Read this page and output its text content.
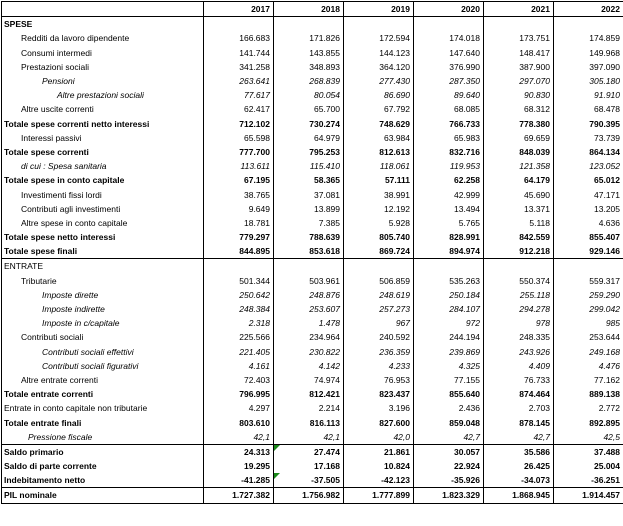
	2017	2018	2019	2020	2021	2022
SPESE						
Redditi da lavoro dipendente	166.683	171.826	172.594	174.018	173.751	174.859
Consumi intermedi	141.744	143.855	144.123	147.640	148.417	149.968
Prestazioni sociali	341.258	348.893	364.120	376.990	387.900	397.090
Pensioni	263.641	268.839	277.430	287.350	297.070	305.180
Altre prestazioni sociali	77.617	80.054	86.690	89.640	90.830	91.910
Altre uscite correnti	62.417	65.700	67.792	68.085	68.312	68.478
Totale spese correnti netto interessi	712.102	730.274	748.629	766.733	778.380	790.395
Interessi passivi	65.598	64.979	63.984	65.983	69.659	73.739
Totale spese correnti	777.700	795.253	812.613	832.716	848.039	864.134
di cui : Spesa sanitaria	113.611	115.410	118.061	119.953	121.358	123.052
Totale spese in conto capitale	67.195	58.365	57.111	62.258	64.179	65.012
Investimenti fissi lordi	38.765	37.081	38.991	42.999	45.690	47.171
Contributi agli investimenti	9.649	13.899	12.192	13.494	13.371	13.205
Altre spese in conto capitale	18.781	7.385	5.928	5.765	5.118	4.636
Totale spese netto interessi	779.297	788.639	805.740	828.991	842.559	855.407
Totale spese finali	844.895	853.618	869.724	894.974	912.218	929.146
ENTRATE						
Tributarie	501.344	503.961	506.859	535.263	550.374	559.317
Imposte dirette	250.642	248.876	248.619	250.184	255.118	259.290
Imposte indirette	248.384	253.607	257.273	284.107	294.278	299.042
Imposte in c/capitale	2.318	1.478	967	972	978	985
Contributi sociali	225.566	234.964	240.592	244.194	248.335	253.644
Contributi sociali effettivi	221.405	230.822	236.359	239.869	243.926	249.168
Contributi sociali figurativi	4.161	4.142	4.233	4.325	4.409	4.476
Altre entrate correnti	72.403	74.974	76.953	77.155	76.733	77.162
Totale entrate correnti	796.995	812.421	823.437	855.640	874.464	889.138
Entrate in conto capitale non tributarie	4.297	2.214	3.196	2.436	2.703	2.772
Totale entrate finali	803.610	816.113	827.600	859.048	878.145	892.895
Pressione fiscale	42,1	42,1	42,0	42,7	42,7	42,5
Saldo primario	24.313	27.474	21.861	30.057	35.586	37.488
Saldo di parte corrente	19.295	17.168	10.824	22.924	26.425	25.004
Indebitamento netto	-41.285	-37.505	-42.123	-35.926	-34.073	-36.251
PIL nominale	1.727.382	1.756.982	1.777.899	1.823.329	1.868.945	1.914.457
